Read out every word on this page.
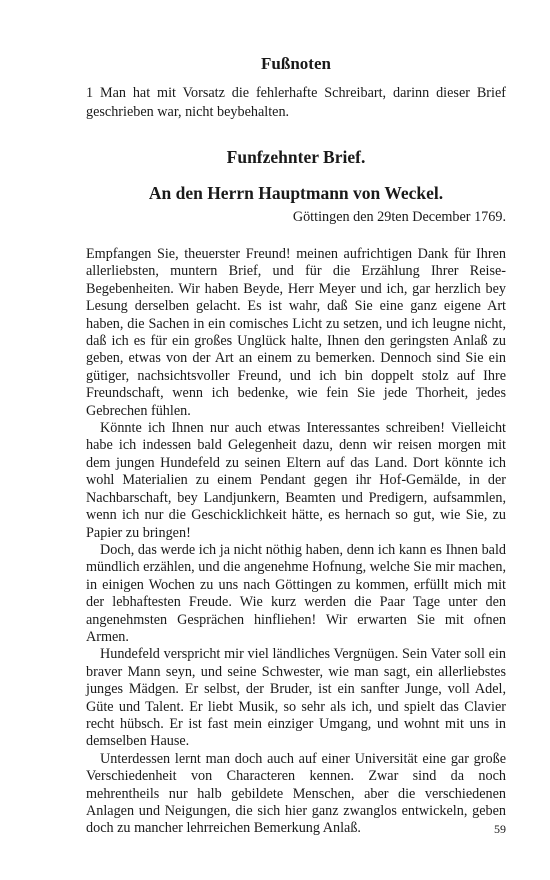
Fußnoten

1 Man hat mit Vorsatz die fehlerhafte Schreibart, darinn dieser Brief geschrieben war, nicht beybehalten.

Funfzehnter Brief.
An den Herrn Hauptmann von Weckel.
Göttingen den 29ten December 1769.

Empfangen Sie, theuerster Freund! meinen aufrichtigen Dank für Ihren allerliebsten, muntern Brief, und für die Erzählung Ihrer Reise-Begebenheiten. Wir haben Beyde, Herr Meyer und ich, gar herzlich bey Lesung derselben gelacht. Es ist wahr, daß Sie eine ganz eigene Art haben, die Sachen in ein comisches Licht zu setzen, und ich leugne nicht, daß ich es für ein großes Unglück halte, Ihnen den geringsten Anlaß zu geben, etwas von der Art an einem zu bemerken. Dennoch sind Sie ein gütiger, nachsichtsvoller Freund, und ich bin doppelt stolz auf Ihre Freundschaft, wenn ich bedenke, wie fein Sie jede Thorheit, jedes Gebrechen fühlen.

Könnte ich Ihnen nur auch etwas Interessantes schreiben! Vielleicht habe ich indessen bald Gelegenheit dazu, denn wir reisen morgen mit dem jungen Hundefeld zu seinen Eltern auf das Land. Dort könnte ich wohl Materialien zu einem Pendant gegen ihr Hof-Gemälde, in der Nachbarschaft, bey Landjunkern, Beamten und Predigern, aufsammlen, wenn ich nur die Geschicklichkeit hätte, es hernach so gut, wie Sie, zu Papier zu bringen!

Doch, das werde ich ja nicht nöthig haben, denn ich kann es Ihnen bald mündlich erzählen, und die angenehme Hofnung, welche Sie mir machen, in einigen Wochen zu uns nach Göttingen zu kommen, erfüllt mich mit der lebhaftesten Freude. Wie kurz werden die Paar Tage unter den angenehmsten Gesprächen hinfliehen! Wir erwarten Sie mit ofnen Armen.

Hundefeld verspricht mir viel ländliches Vergnügen. Sein Vater soll ein braver Mann seyn, und seine Schwester, wie man sagt, ein allerliebstes junges Mädgen. Er selbst, der Bruder, ist ein sanfter Junge, voll Adel, Güte und Talent. Er liebt Musik, so sehr als ich, und spielt das Clavier recht hübsch. Er ist fast mein einziger Umgang, und wohnt mit uns in demselben Hause.

Unterdessen lernt man doch auch auf einer Universität eine gar große Verschiedenheit von Characteren kennen. Zwar sind da noch mehrentheils nur halb gebildete Menschen, aber die verschiedenen Anlagen und Neigungen, die sich hier ganz zwanglos entwickeln, geben doch zu mancher lehrreichen Bemerkung Anlaß.	59
